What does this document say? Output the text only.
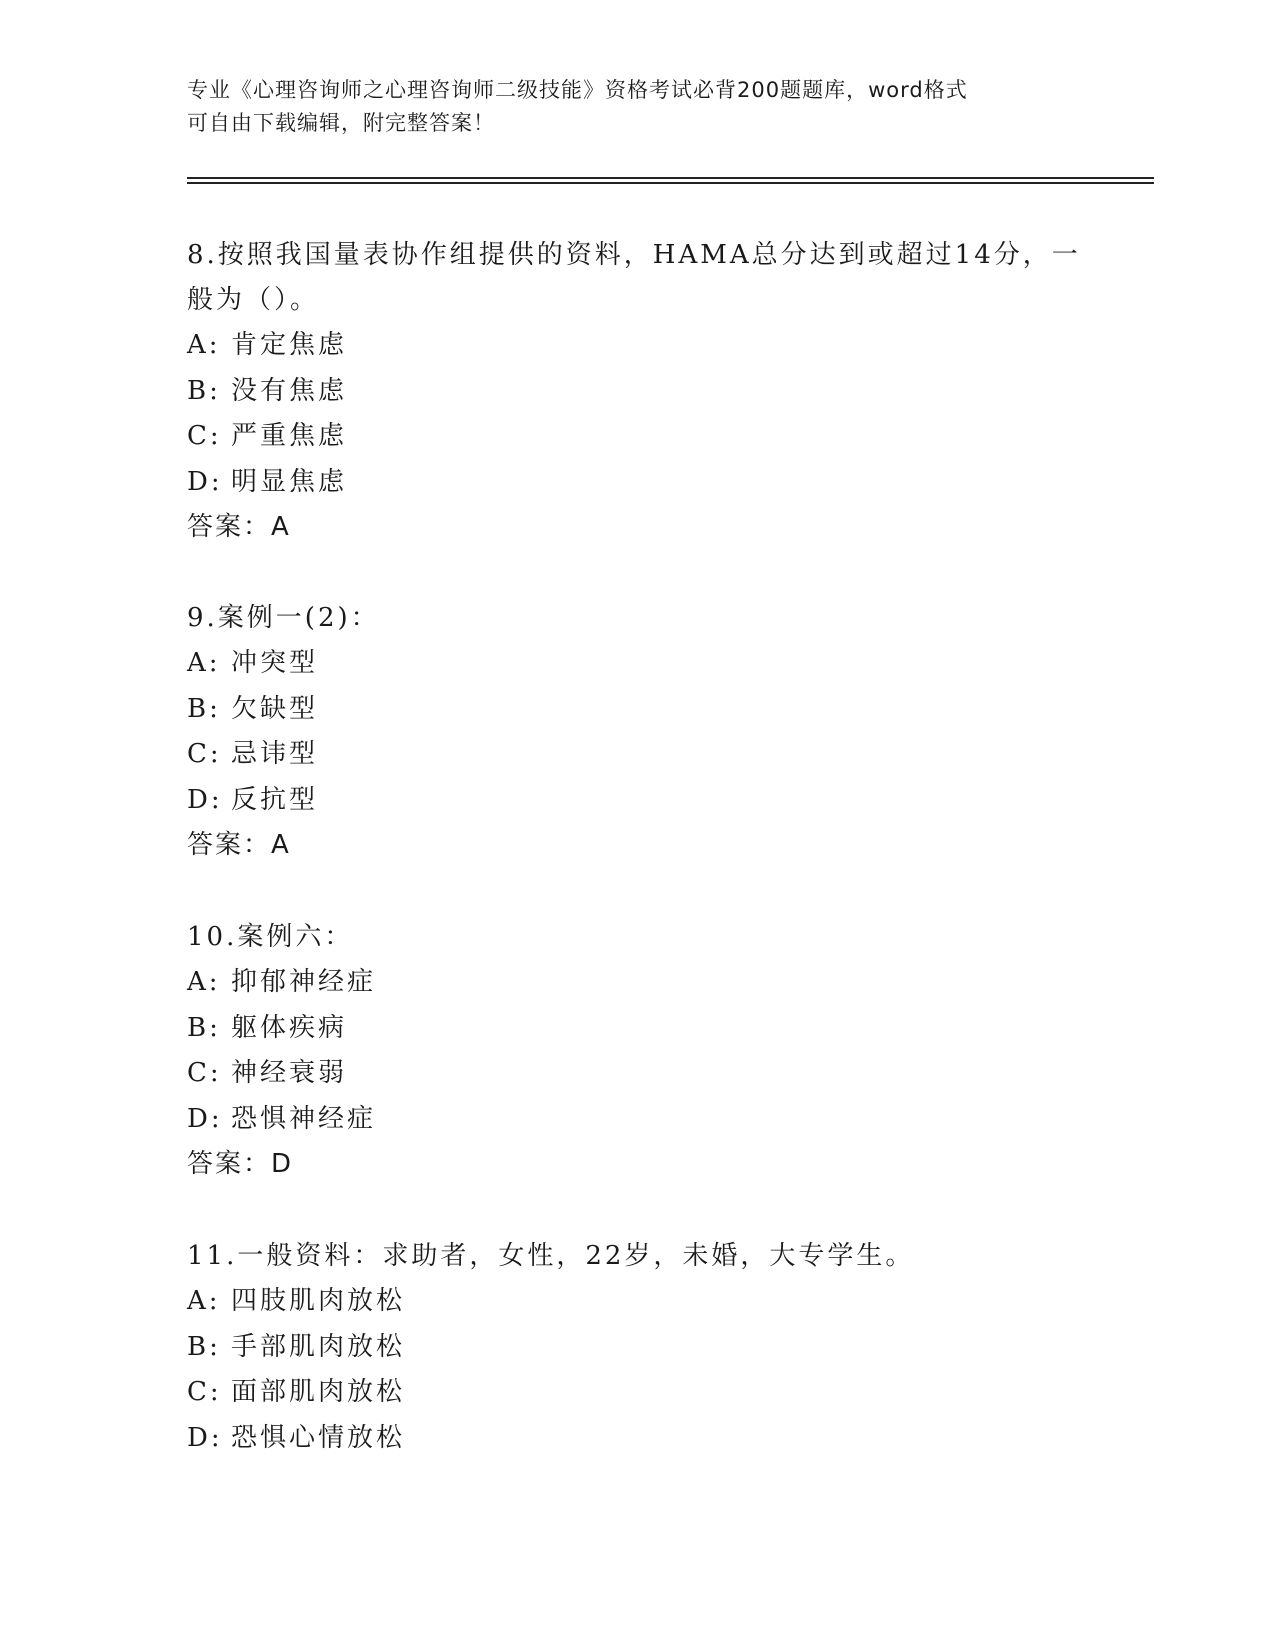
专业《心理咨询师之心理咨询师二级技能》资格考试必背200题题库，word格式
可自由下载编辑，附完整答案！

8.按照我国量表协作组提供的资料，HAMA总分达到或超过14分，一般为（）。

A: 肯定焦虑
B: 没有焦虑
C: 严重焦虑
D: 明显焦虑
答案：A

9.案例一(2)：

A: 冲突型
B: 欠缺型
C: 忌讳型
D: 反抗型
答案：A

10.案例六：

A: 抑郁神经症
B: 躯体疾病
C: 神经衰弱
D: 恐惧神经症
答案：D

11.一般资料：求助者，女性，22岁，未婚，大专学生。

A: 四肢肌肉放松
B: 手部肌肉放松
C: 面部肌肉放松
D: 恐惧心情放松
